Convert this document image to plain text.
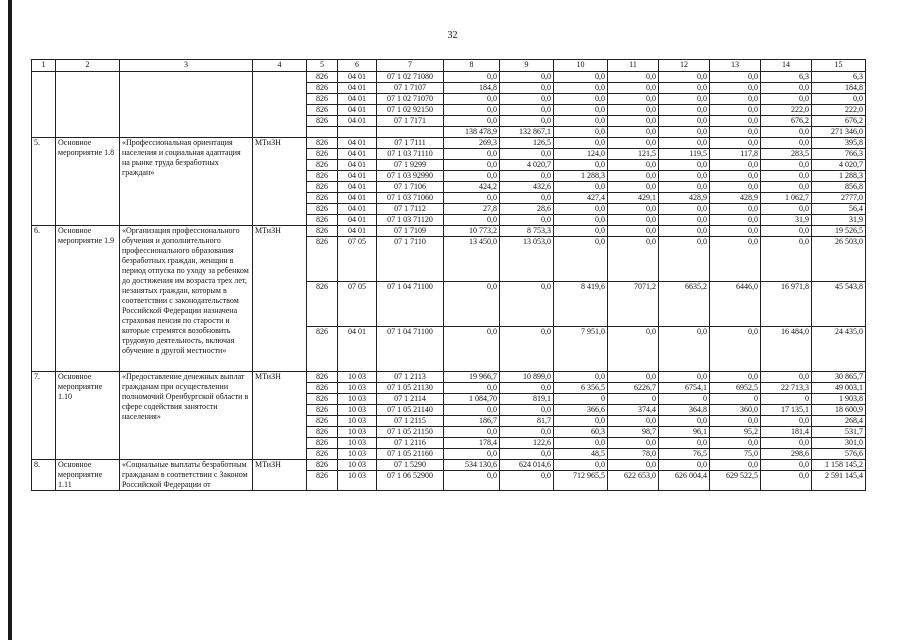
32
1	2	3	4	5	6	7	8	9	10	11	12	13	14	15
				826	04 01	07 1 02 71080	0,0	0,0	0,0	0,0	0,0	0,0	6,3	6,3
				826	04 01	07 1 7107	184,8	0,0	0,0	0,0	0,0	0,0	0,0	184,8
				826	04 01	07 1 02 71070	0,0	0,0	0,0	0,0	0,0	0,0	0,0	0,0
				826	04 01	07 1 02 92150	0,0	0,0	0,0	0,0	0,0	0,0	222,0	222,0
				826	04 01	07 1 7171	0,0	0,0	0,0	0,0	0,0	0,0	676,2	676,2
							138 478,9	132 867,1	0,0	0,0	0,0	0,0	0,0	271 346,0
5.	Основное мероприятие 1.8	«Профессиональная ориентация населения и социальная адаптация на рынке труда безработных граждан»	МТиЗН	826	04 01	07 1 7111	269,3	126,5	0,0	0,0	0,0	0,0	0,0	395,8
				826	04 01	07 1 03 71110	0,0	0,0	124,0	121,5	119,5	117,8	283,5	766,3
				826	04 01	07 1 9299	0,0	4 020,7	0,0	0,0	0,0	0,0	0,0	4 020,7
				826	04 01	07 1 03 92990	0,0	0,0	1 288,3	0,0	0,0	0,0	0,0	1 288,3
				826	04 01	07 1 7106	424,2	432,6	0,0	0,0	0,0	0,0	0,0	856,8
				826	04 01	07 1 03 71060	0,0	0,0	427,4	429,1	428,9	428,9	1 062,7	2777,0
				826	04 01	07 1 7112	27,8	28,6	0,0	0,0	0,0	0,0	0,0	56,4
				826	04 01	07 1 03 71120	0,0	0,0	0,0	0,0	0,0	0,0	31,9	31,9
6.	Основное мероприятие 1.9	«Организация профессионального обучения и дополнительного профессионального образования безработных граждан, женщин в период отпуска по уходу за ребенком до достижения им возраста трех лет, незанятых граждан, которым в соответствии с законодательством Российской Федерации назначена страховая пенсия по старости и которые стремятся возобновить трудовую деятельность, включая обучение в другой местности»	МТиЗН	826	04 01	07 1 7109	10 773,2	8 753,3	0,0	0,0	0,0	0,0	0,0	19 526,5
				826	07 05	07 1 7110	13 450,0	13 053,0	0,0	0,0	0,0	0,0	0,0	26 503,0
				826	07 05	07 1 04 71100	0,0	0,0	8 419,6	7071,2	6635,2	6446,0	16 971,8	45 543,8
				826	04 01	07 1 04 71100	0,0	0,0	7 951,0	0,0	0,0	0,0	16 484,0	24 435,0
7.	Основное мероприятие 1.10	«Предоставление денежных выплат гражданам при осуществлении полномочий Оренбургской области в сфере содействия занятости населения»	МТиЗН	826	10 03	07 1 2113	19 966,7	10 899,0	0,0	0,0	0,0	0,0	0,0	30 865,7
				826	10 03	07 1 05 21130	0,0	0,0	6 356,5	6226,7	6754,1	6952,5	22 713,3	49 003,1
				826	10 03	07 1 2114	1 084,70	819,1	0	0	0	0	0	1 903,8
				826	10 03	07 1 05 21140	0,0	0,0	366,6	374,4	364,8	360,0	17 135,1	18 600,9
				826	10 03	07 1 2115	186,7	81,7	0,0	0,0	0,0	0,0	0,0	268,4
				826	10 03	07 1 05 21150	0,0	0,0	60,3	98,7	96,1	95,2	181,4	531,7
				826	10 03	07 1 2116	178,4	122,6	0,0	0,0	0,0	0,0	0,0	301,0
				826	10 03	07 1 05 21160	0,0	0,0	48,5	78,0	76,5	75,0	298,6	576,6
8.	Основное мероприятие 1.11	«Социальные выплаты безработным гражданам в соответствии с Законом Российской Федерации от	МТиЗН	826	10 03	07 1 5290	534 130,6	624 014,6	0,0	0,0	0,0	0,0	0,0	1 158 145,2
				826	10 03	07 1 06 52900	0,0	0,0	712 965,5	622 653,0	626 004,4	629 522,5	0,0	2 591 145,4
